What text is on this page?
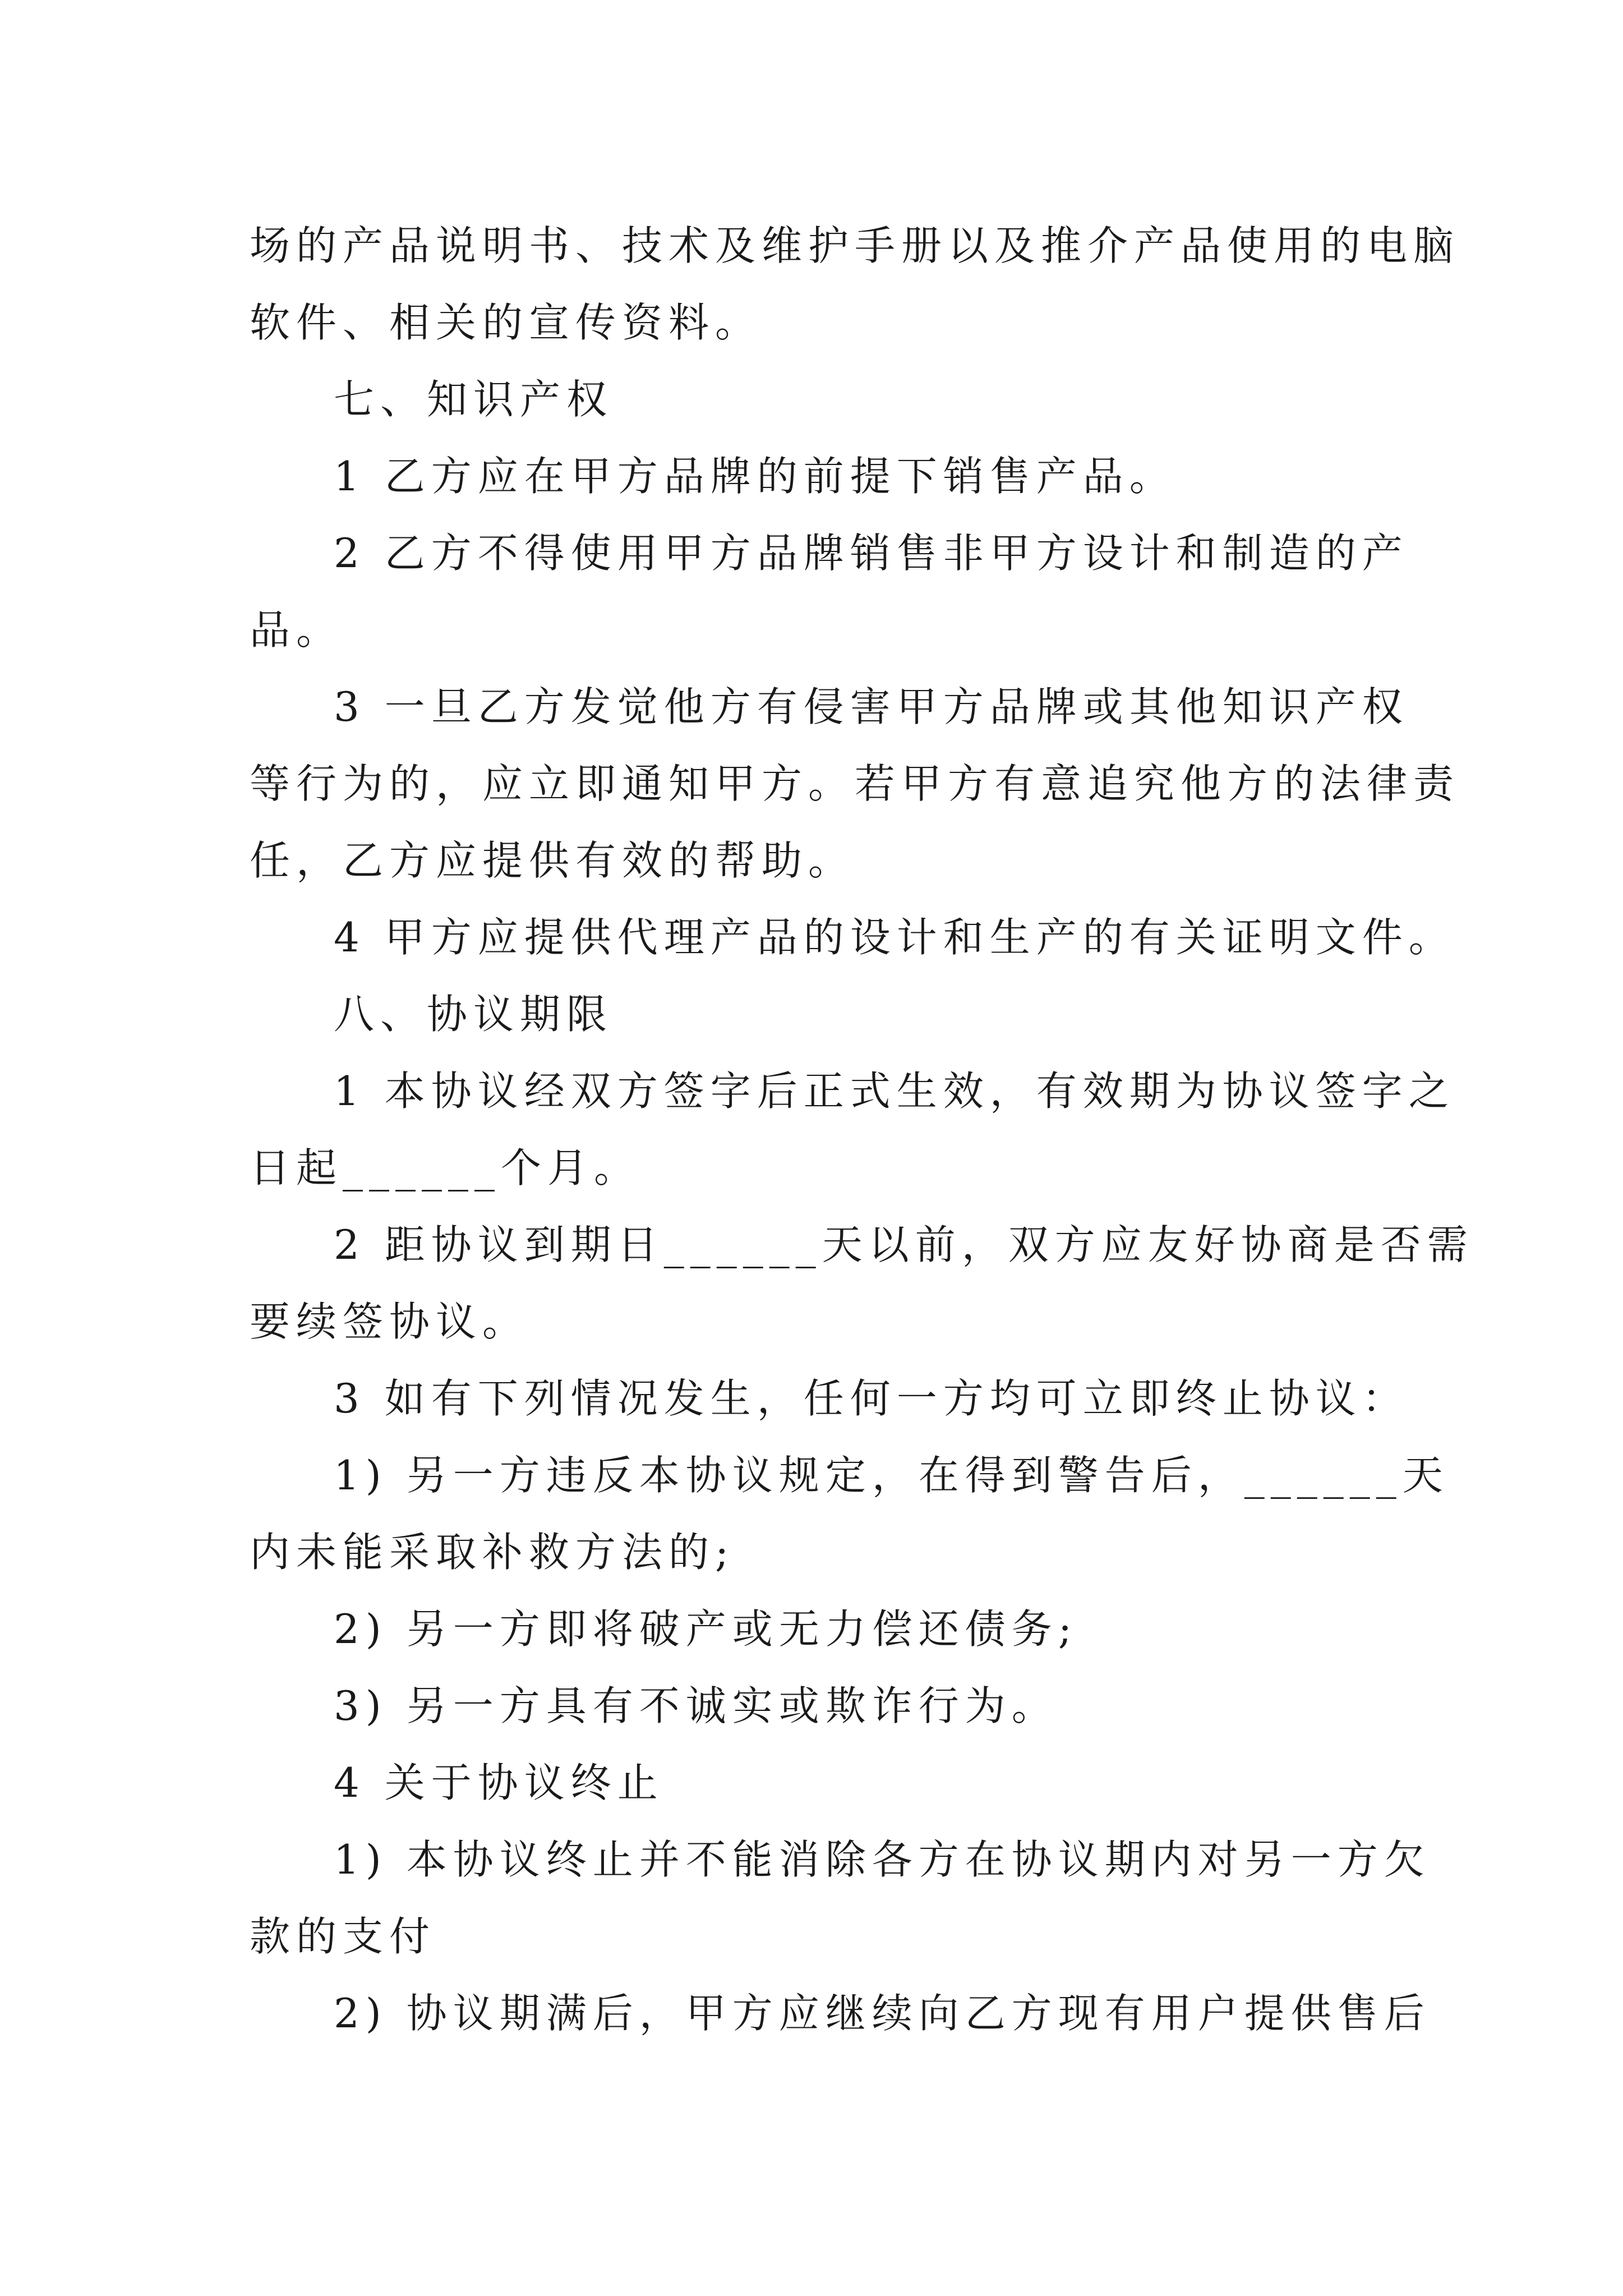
场的产品说明书、技术及维护手册以及推介产品使用的电脑
软件、相关的宣传资料。
七、知识产权
1 乙方应在甲方品牌的前提下销售产品。
2 乙方不得使用甲方品牌销售非甲方设计和制造的产
品。
3 一旦乙方发觉他方有侵害甲方品牌或其他知识产权
等行为的，应立即通知甲方。若甲方有意追究他方的法律责
任，乙方应提供有效的帮助。
4 甲方应提供代理产品的设计和生产的有关证明文件。
八、协议期限
1 本协议经双方签字后正式生效，有效期为协议签字之
日起______个月。
2 距协议到期日______天以前，双方应友好协商是否需
要续签协议。
3 如有下列情况发生，任何一方均可立即终止协议：
1) 另一方违反本协议规定，在得到警告后，______天
内未能采取补救方法的;
2) 另一方即将破产或无力偿还债务;
3) 另一方具有不诚实或欺诈行为。
4 关于协议终止
1) 本协议终止并不能消除各方在协议期内对另一方欠
款的支付
2) 协议期满后，甲方应继续向乙方现有用户提供售后
